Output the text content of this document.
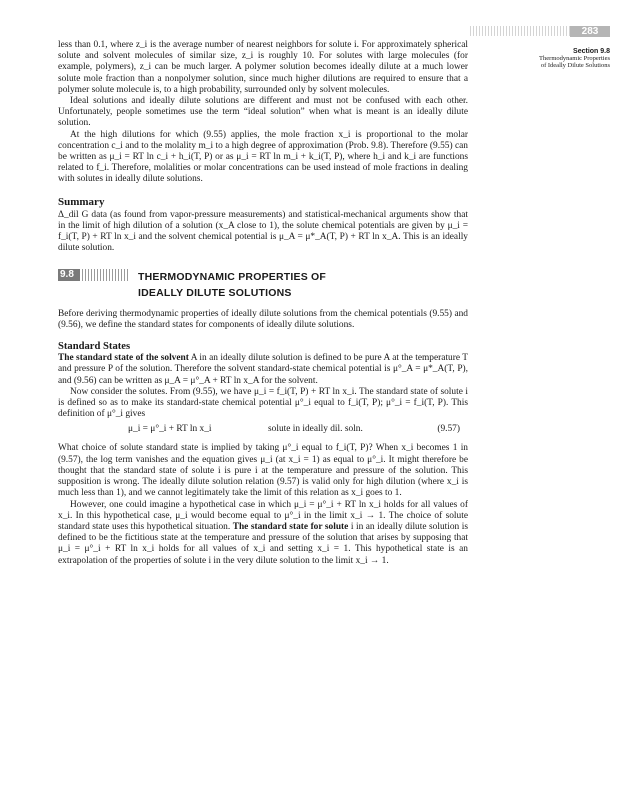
283
Section 9.8
Thermodynamic Properties
of Ideally Dilute Solutions

less than 0.1, where z_i is the average number of nearest neighbors for solute i. For approximately spherical solute and solvent molecules of similar size, z_i is roughly 10. For solutes with large molecules (for example, polymers), z_i can be much larger. A polymer solution becomes ideally dilute at a much lower solute mole fraction than a nonpolymer solution, since much higher dilutions are required to ensure that a polymer solute molecule is, to a high probability, surrounded only by solvent molecules.

Ideal solutions and ideally dilute solutions are different and must not be confused with each other. Unfortunately, people sometimes use the term “ideal solution” when what is meant is an ideally dilute solution.

At the high dilutions for which (9.55) applies, the mole fraction x_i is proportional to the molar concentration c_i and to the molality m_i to a high degree of approximation (Prob. 9.8). Therefore (9.55) can be written as μ_i = RT ln c_i + h_i(T, P) or as μ_i = RT ln m_i + k_i(T, P), where h_i and k_i are functions related to f_i. Therefore, molalities or molar concentrations can be used instead of mole fractions in dealing with solutes in ideally dilute solutions.

Summary

Δ_dil G data (as found from vapor-pressure measurements) and statistical-mechanical arguments show that in the limit of high dilution of a solution (x_A close to 1), the solute chemical potentials are given by μ_i = f_i(T, P) + RT ln x_i and the solvent chemical potential is μ_A = μ*_A(T, P) + RT ln x_A. This is an ideally dilute solution.

9.8	THERMODYNAMIC PROPERTIES OF
IDEALLY DILUTE SOLUTIONS

Before deriving thermodynamic properties of ideally dilute solutions from the chemical potentials (9.55) and (9.56), we define the standard states for components of ideally dilute solutions.

Standard States

The standard state of the solvent A in an ideally dilute solution is defined to be pure A at the temperature T and pressure P of the solution. Therefore the solvent standard-state chemical potential is μ°_A = μ*_A(T, P), and (9.56) can be written as μ_A = μ°_A + RT ln x_A for the solvent.

Now consider the solutes. From (9.55), we have μ_i = f_i(T, P) + RT ln x_i. The standard state of solute i is defined so as to make its standard-state chemical potential μ°_i equal to f_i(T, P); μ°_i = f_i(T, P). This definition of μ°_i gives

μ_i = μ°_i + RT ln x_i	solute in ideally dil. soln.	(9.57)

What choice of solute standard state is implied by taking μ°_i equal to f_i(T, P)? When x_i becomes 1 in (9.57), the log term vanishes and the equation gives μ_i (at x_i = 1) as equal to μ°_i. It might therefore be thought that the standard state of solute i is pure i at the temperature and pressure of the solution. This supposition is wrong. The ideally dilute solution relation (9.57) is valid only for high dilution (where x_i is much less than 1), and we cannot legitimately take the limit of this relation as x_i goes to 1.

However, one could imagine a hypothetical case in which μ_i = μ°_i + RT ln x_i holds for all values of x_i. In this hypothetical case, μ_i would become equal to μ°_i in the limit x_i → 1. The choice of solute standard state uses this hypothetical situation. The standard state for solute i in an ideally dilute solution is defined to be the fictitious state at the temperature and pressure of the solution that arises by supposing that μ_i = μ°_i + RT ln x_i holds for all values of x_i and setting x_i = 1. This hypothetical state is an extrapolation of the properties of solute i in the very dilute solution to the limit x_i → 1.
